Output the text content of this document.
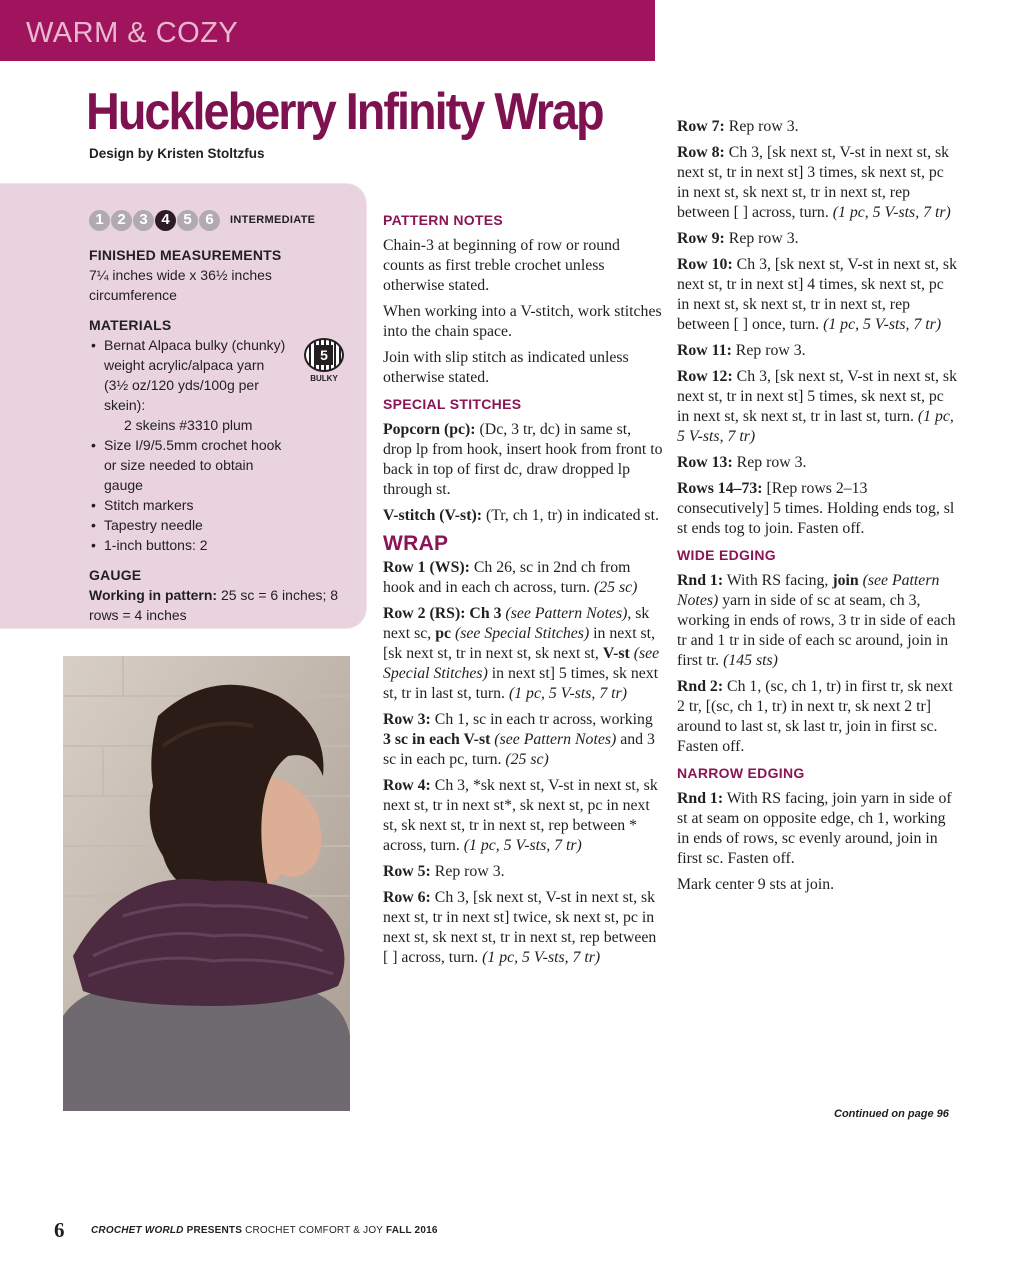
WARM & COZY
Huckleberry Infinity Wrap
Design by Kristen Stoltzfus
1 2 3 4 5 6	INTERMEDIATE
FINISHED MEASUREMENTS
7¼ inches wide x 36½ inches circumference
MATERIALS
• Bernat Alpaca bulky (chunky) weight acrylic/alpaca yarn (3½ oz/120 yds/100g per skein):
2 skeins #3310 plum
• Size I/9/5.5mm crochet hook or size needed to obtain gauge
• Stitch markers
• Tapestry needle
• 1-inch buttons: 2
GAUGE
Working in pattern: 25 sc = 6 inches; 8 rows = 4 inches
5
BULKY
PATTERN NOTES

Chain-3 at beginning of row or round counts as first treble crochet unless otherwise stated.

When working into a V-stitch, work stitches into the chain space.

Join with slip stitch as indicated unless otherwise stated.

SPECIAL STITCHES

Popcorn (pc): (Dc, 3 tr, dc) in same st, drop lp from hook, insert hook from front to back in top of first dc, draw dropped lp through st.

V-stitch (V-st): (Tr, ch 1, tr) in indicated st.

WRAP

Row 1 (WS): Ch 26, sc in 2nd ch from hook and in each ch across, turn. (25 sc)

Row 2 (RS): Ch 3 (see Pattern Notes), sk next sc, pc (see Special Stitches) in next st, [sk next st, tr in next st, sk next st, V-st (see Special Stitches) in next st] 5 times, sk next st, tr in last st, turn. (1 pc, 5 V-sts, 7 tr)

Row 3: Ch 1, sc in each tr across, working 3 sc in each V-st (see Pattern Notes) and 3 sc in each pc, turn. (25 sc)

Row 4: Ch 3, *sk next st, V-st in next st, sk next st, tr in next st*, sk next st, pc in next st, sk next st, tr in next st, rep between * across, turn. (1 pc, 5 V-sts, 7 tr)

Row 5: Rep row 3.

Row 6: Ch 3, [sk next st, V-st in next st, sk next st, tr in next st] twice, sk next st, pc in next st, sk next st, tr in next st, rep between [ ] across, turn. (1 pc, 5 V-sts, 7 tr)

Row 7: Rep row 3.

Row 8: Ch 3, [sk next st, V-st in next st, sk next st, tr in next st] 3 times, sk next st, pc in next st, sk next st, tr in next st, rep between [ ] across, turn. (1 pc, 5 V-sts, 7 tr)

Row 9: Rep row 3.

Row 10: Ch 3, [sk next st, V-st in next st, sk next st, tr in next st] 4 times, sk next st, pc in next st, sk next st, tr in next st, rep between [ ] once, turn. (1 pc, 5 V-sts, 7 tr)

Row 11: Rep row 3.

Row 12: Ch 3, [sk next st, V-st in next st, sk next st, tr in next st] 5 times, sk next st, pc in next st, sk next st, tr in last st, turn. (1 pc, 5 V-sts, 7 tr)

Row 13: Rep row 3.

Rows 14–73: [Rep rows 2–13 consecutively] 5 times. Holding ends tog, sl st ends tog to join. Fasten off.

WIDE EDGING

Rnd 1: With RS facing, join (see Pattern Notes) yarn in side of sc at seam, ch 3, working in ends of rows, 3 tr in side of each tr and 1 tr in side of each sc around, join in first tr. (145 sts)

Rnd 2: Ch 1, (sc, ch 1, tr) in first tr, sk next 2 tr, [(sc, ch 1, tr) in next tr, sk next 2 tr] around to last st, sk last tr, join in first sc. Fasten off.

NARROW EDGING

Rnd 1: With RS facing, join yarn in side of st at seam on opposite edge, ch 1, working in ends of rows, sc evenly around, join in first sc. Fasten off.

Mark center 9 sts at join.

Continued on page 96
6	CROCHET WORLD PRESENTS CROCHET COMFORT & JOY FALL 2016
